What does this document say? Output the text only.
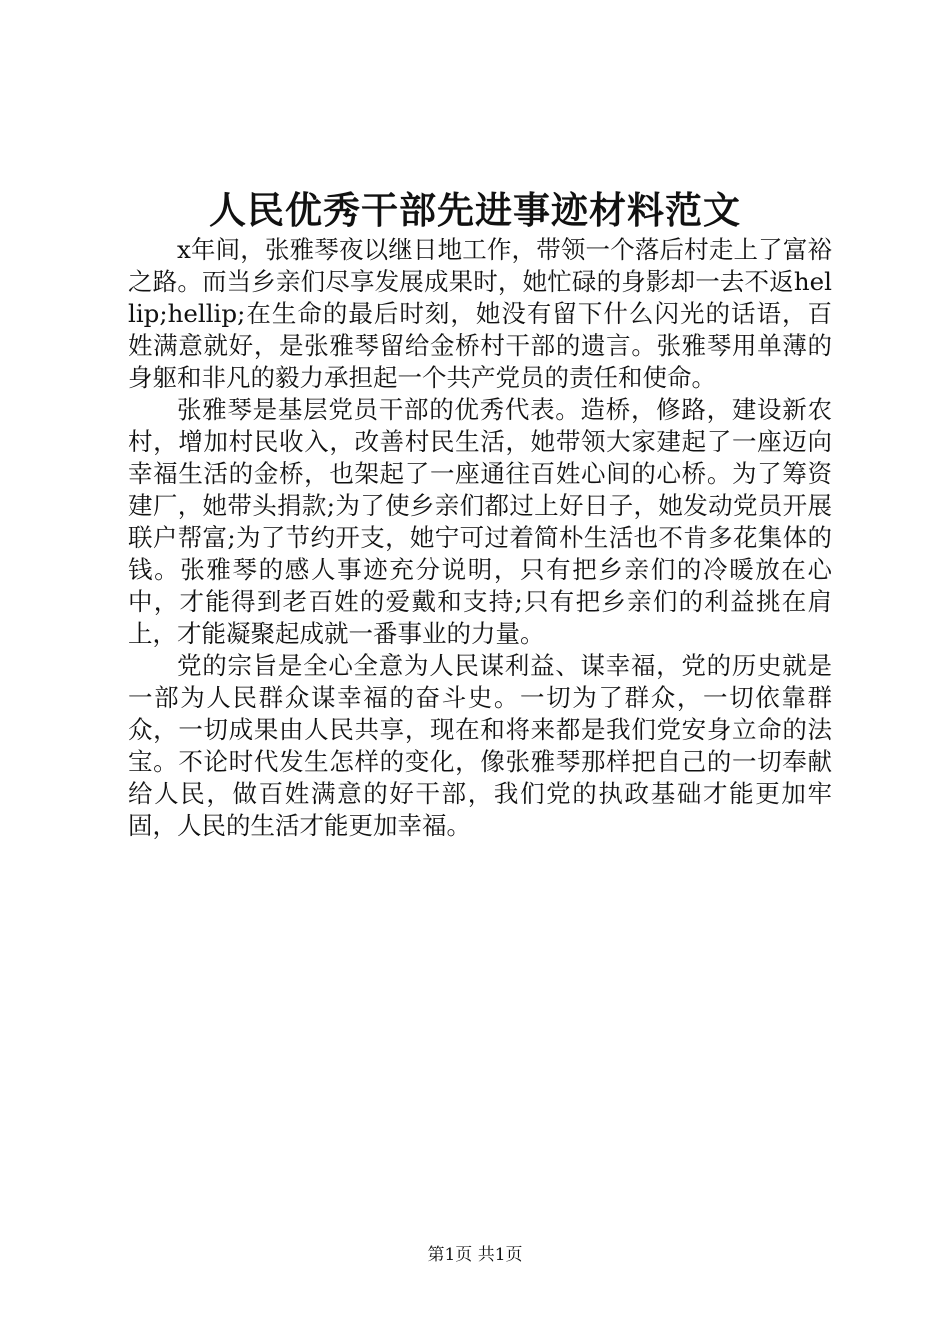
人民优秀干部先进事迹材料范文

x年间，张雅琴夜以继日地工作，带领一个落后村走上了富裕之路。而当乡亲们尽享发展成果时，她忙碌的身影却一去不返hellip;hellip;在生命的最后时刻，她没有留下什么闪光的话语，百姓满意就好，是张雅琴留给金桥村干部的遗言。张雅琴用单薄的身躯和非凡的毅力承担起一个共产党员的责任和使命。

张雅琴是基层党员干部的优秀代表。造桥，修路，建设新农村，增加村民收入，改善村民生活，她带领大家建起了一座迈向幸福生活的金桥，也架起了一座通往百姓心间的心桥。为了筹资建厂，她带头捐款;为了使乡亲们都过上好日子，她发动党员开展联户帮富;为了节约开支，她宁可过着简朴生活也不肯多花集体的钱。张雅琴的感人事迹充分说明，只有把乡亲们的冷暖放在心中，才能得到老百姓的爱戴和支持;只有把乡亲们的利益挑在肩上，才能凝聚起成就一番事业的力量。

党的宗旨是全心全意为人民谋利益、谋幸福，党的历史就是一部为人民群众谋幸福的奋斗史。一切为了群众，一切依靠群众，一切成果由人民共享，现在和将来都是我们党安身立命的法宝。不论时代发生怎样的变化，像张雅琴那样把自己的一切奉献给人民，做百姓满意的好干部，我们党的执政基础才能更加牢固，人民的生活才能更加幸福。

第1页 共1页
